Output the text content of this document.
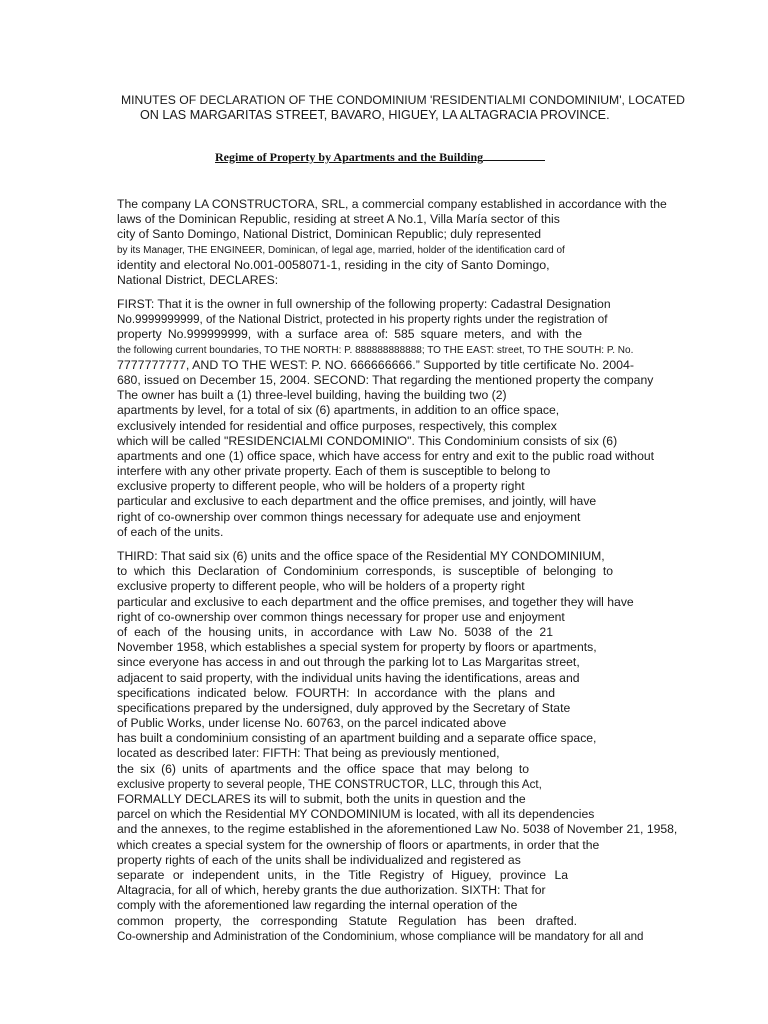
MINUTES OF DECLARATION OF THE CONDOMINIUM 'RESIDENTIALMI CONDOMINIUM', LOCATED
ON LAS MARGARITAS STREET, BAVARO, HIGUEY, LA ALTAGRACIA PROVINCE.
Regime of Property by Apartments and the Building
The company LA CONSTRUCTORA, SRL, a commercial company established in accordance with the
laws of the Dominican Republic, residing at street A No.1, Villa María sector of this
city of Santo Domingo, National District, Dominican Republic; duly represented
by its Manager, THE ENGINEER, Dominican, of legal age, married, holder of the identification card of
identity and electoral No.001-0058071-1, residing in the city of Santo Domingo,
National District, DECLARES:
FIRST: That it is the owner in full ownership of the following property: Cadastral Designation
No.9999999999, of the National District, protected in his property rights under the registration of
property No.999999999, with a surface area of: 585 square meters, and with the
the following current boundaries, TO THE NORTH: P. 888888888888; TO THE EAST: street, TO THE SOUTH: P. No.
7777777777, AND TO THE WEST: P. NO. 666666666.” Supported by title certificate No. 2004-
680, issued on December 15, 2004. SECOND: That regarding the mentioned property the company
The owner has built a (1) three-level building, having the building two (2)
apartments by level, for a total of six (6) apartments, in addition to an office space,
exclusively intended for residential and office purposes, respectively, this complex
which will be called "RESIDENCIALMI CONDOMINIO". This Condominium consists of six (6)
apartments and one (1) office space, which have access for entry and exit to the public road without
interfere with any other private property. Each of them is susceptible to belong to
exclusive property to different people, who will be holders of a property right
particular and exclusive to each department and the office premises, and jointly, will have
right of co-ownership over common things necessary for adequate use and enjoyment
of each of the units.
THIRD: That said six (6) units and the office space of the Residential MY CONDOMINIUM,
to which this Declaration of Condominium corresponds, is susceptible of belonging to
exclusive property to different people, who will be holders of a property right
particular and exclusive to each department and the office premises, and together they will have
right of co-ownership over common things necessary for proper use and enjoyment
of each of the housing units, in accordance with Law No. 5038 of the 21
November 1958, which establishes a special system for property by floors or apartments,
since everyone has access in and out through the parking lot to Las Margaritas street,
adjacent to said property, with the individual units having the identifications, areas and
specifications indicated below. FOURTH: In accordance with the plans and
specifications prepared by the undersigned, duly approved by the Secretary of State
of Public Works, under license No. 60763, on the parcel indicated above
has built a condominium consisting of an apartment building and a separate office space,
located as described later: FIFTH: That being as previously mentioned,
the six (6) units of apartments and the office space that may belong to
exclusive property to several people, THE CONSTRUCTOR, LLC, through this Act,
FORMALLY DECLARES its will to submit, both the units in question and the
parcel on which the Residential MY CONDOMINIUM is located, with all its dependencies
and the annexes, to the regime established in the aforementioned Law No. 5038 of November 21, 1958,
which creates a special system for the ownership of floors or apartments, in order that the
property rights of each of the units shall be individualized and registered as
separate or independent units, in the Title Registry of Higuey, province La
Altagracia, for all of which, hereby grants the due authorization. SIXTH: That for
comply with the aforementioned law regarding the internal operation of the
common property, the corresponding Statute Regulation has been drafted.
Co-ownership and Administration of the Condominium, whose compliance will be mandatory for all and
